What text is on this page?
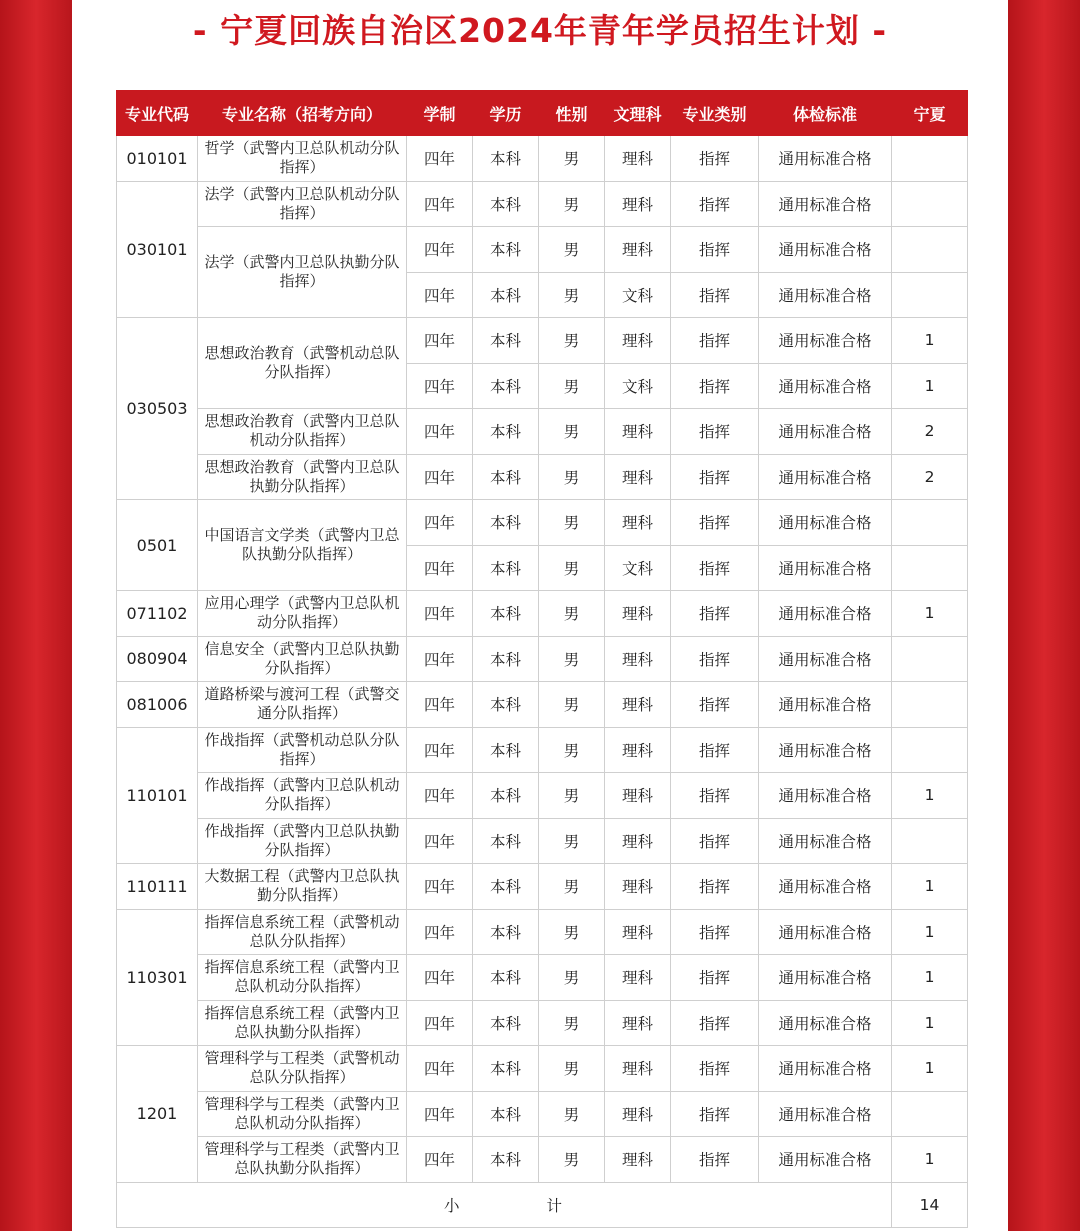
- 宁夏回族自治区2024年青年学员招生计划 -
专业代码	专业名称（招考方向）	学制	学历	性别	文理科	专业类别	体检标准	宁夏
010101	哲学（武警内卫总队机动分队指挥）	四年	本科	男	理科	指挥	通用标准合格	
030101	法学（武警内卫总队机动分队指挥）	四年	本科	男	理科	指挥	通用标准合格	
	法学（武警内卫总队执勤分队指挥）	四年	本科	男	理科	指挥	通用标准合格	
		四年	本科	男	文科	指挥	通用标准合格	
030503	思想政治教育（武警机动总队分队指挥）	四年	本科	男	理科	指挥	通用标准合格	1
		四年	本科	男	文科	指挥	通用标准合格	1
	思想政治教育（武警内卫总队机动分队指挥）	四年	本科	男	理科	指挥	通用标准合格	2
	思想政治教育（武警内卫总队执勤分队指挥）	四年	本科	男	理科	指挥	通用标准合格	2
0501	中国语言文学类（武警内卫总队执勤分队指挥）	四年	本科	男	理科	指挥	通用标准合格	
		四年	本科	男	文科	指挥	通用标准合格	
071102	应用心理学（武警内卫总队机动分队指挥）	四年	本科	男	理科	指挥	通用标准合格	1
080904	信息安全（武警内卫总队执勤分队指挥）	四年	本科	男	理科	指挥	通用标准合格	
081006	道路桥梁与渡河工程（武警交通分队指挥）	四年	本科	男	理科	指挥	通用标准合格	
110101	作战指挥（武警机动总队分队指挥）	四年	本科	男	理科	指挥	通用标准合格	
	作战指挥（武警内卫总队机动分队指挥）	四年	本科	男	理科	指挥	通用标准合格	1
	作战指挥（武警内卫总队执勤分队指挥）	四年	本科	男	理科	指挥	通用标准合格	
110111	大数据工程（武警内卫总队执勤分队指挥）	四年	本科	男	理科	指挥	通用标准合格	1
110301	指挥信息系统工程（武警机动总队分队指挥）	四年	本科	男	理科	指挥	通用标准合格	1
	指挥信息系统工程（武警内卫总队机动分队指挥）	四年	本科	男	理科	指挥	通用标准合格	1
	指挥信息系统工程（武警内卫总队执勤分队指挥）	四年	本科	男	理科	指挥	通用标准合格	1
1201	管理科学与工程类（武警机动总队分队指挥）	四年	本科	男	理科	指挥	通用标准合格	1
	管理科学与工程类（武警内卫总队机动分队指挥）	四年	本科	男	理科	指挥	通用标准合格	
	管理科学与工程类（武警内卫总队执勤分队指挥）	四年	本科	男	理科	指挥	通用标准合格	1
小计								14
